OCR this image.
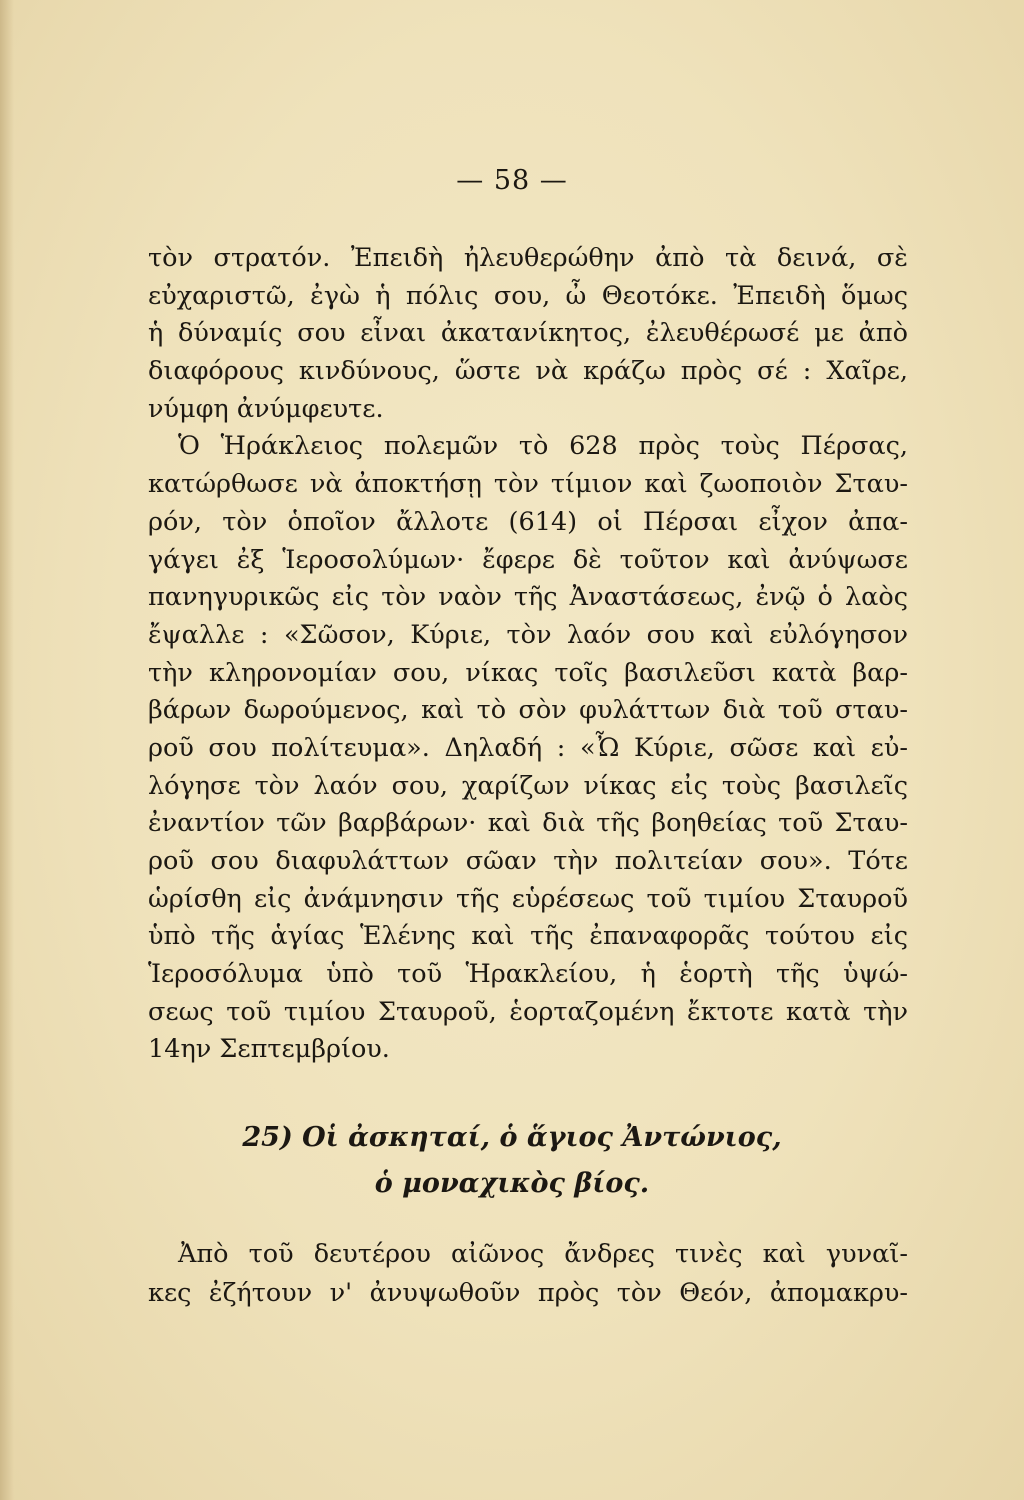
— 58 —
τὸν στρατόν. Ἐπειδὴ ἠλευθερώθην ἀπὸ τὰ δεινά, σὲ
εὐχαριστῶ, ἐγὼ ἡ πόλις σου, ὦ Θεοτόκε. Ἐπειδὴ ὅμως
ἡ δύναμίς σου εἶναι ἀκατανίκητος, ἐλευθέρωσέ με ἀπὸ
διαφόρους κινδύνους, ὥστε νὰ κράζω πρὸς σέ : Χαῖρε,
νύμφη ἀνύμφευτε.
Ὁ Ἡράκλειος πολεμῶν τὸ 628 πρὸς τοὺς Πέρσας,
κατώρθωσε νὰ ἀποκτήσῃ τὸν τίμιον καὶ ζωοποιὸν Σταυ-
ρόν, τὸν ὁποῖον ἄλλοτε (614) οἱ Πέρσαι εἶχον ἀπα-
γάγει ἐξ Ἱεροσολύμων· ἔφερε δὲ τοῦτον καὶ ἀνύψωσε
πανηγυρικῶς εἰς τὸν ναὸν τῆς Ἀναστάσεως, ἐνῷ ὁ λαὸς
ἔψαλλε : «Σῶσον, Κύριε, τὸν λαόν σου καὶ εὐλόγησον
τὴν κληρονομίαν σου, νίκας τοῖς βασιλεῦσι κατὰ βαρ-
βάρων δωρούμενος, καὶ τὸ σὸν φυλάττων διὰ τοῦ σταυ-
ροῦ σου πολίτευμα». Δηλαδή : «Ὦ Κύριε, σῶσε καὶ εὐ-
λόγησε τὸν λαόν σου, χαρίζων νίκας εἰς τοὺς βασιλεῖς
ἐναντίον τῶν βαρβάρων· καὶ διὰ τῆς βοηθείας τοῦ Σταυ-
ροῦ σου διαφυλάττων σῶαν τὴν πολιτείαν σου». Τότε
ὡρίσθη εἰς ἀνάμνησιν τῆς εὑρέσεως τοῦ τιμίου Σταυροῦ
ὑπὸ τῆς ἁγίας Ἑλένης καὶ τῆς ἐπαναφορᾶς τούτου εἰς
Ἱεροσόλυμα ὑπὸ τοῦ Ἡρακλείου, ἡ ἑορτὴ τῆς ὑψώ-
σεως τοῦ τιμίου Σταυροῦ, ἑορταζομένη ἔκτοτε κατὰ τὴν
14ην Σεπτεμβρίου.
25) Οἱ ἀσκηταί, ὁ ἅγιος Ἀντώνιος,
ὁ μοναχικὸς βίος.
Ἀπὸ τοῦ δευτέρου αἰῶνος ἄνδρες τινὲς καὶ γυναῖ-
κες ἐζήτουν ν' ἀνυψωθοῦν πρὸς τὸν Θεόν, ἀπομακρυ-
